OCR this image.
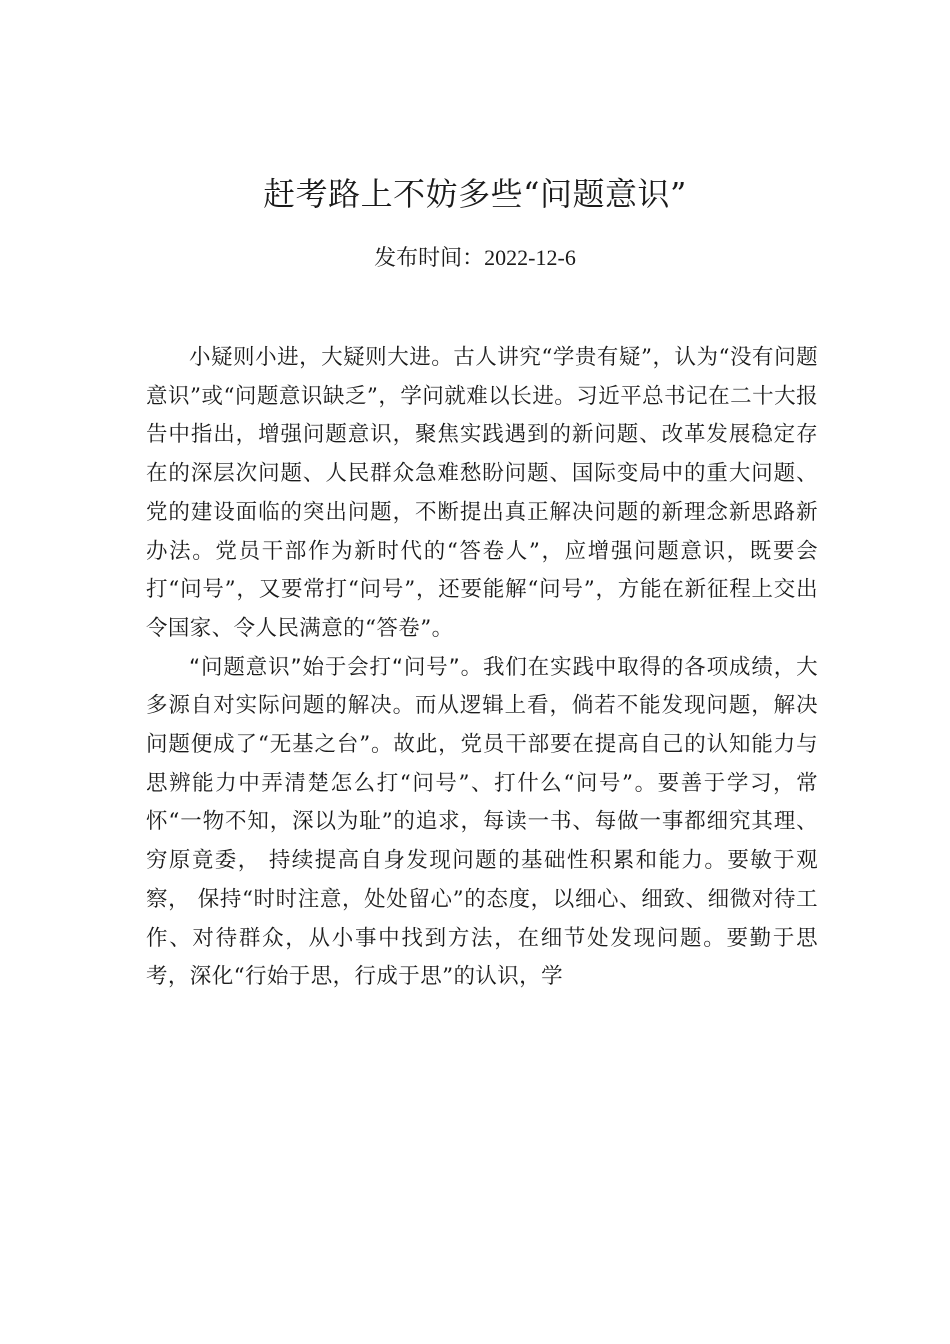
赶考路上不妨多些“问题意识”
发布时间：2022-12-6

小疑则小进，大疑则大进。古人讲究“学贵有疑”，认为“没有问题意识”或“问题意识缺乏”，学问就难以长进。习近平总书记在二十大报告中指出，增强问题意识，聚焦实践遇到的新问题、改革发展稳定存在的深层次问题、人民群众急难愁盼问题、国际变局中的重大问题、党的建设面临的突出问题，不断提出真正解决问题的新理念新思路新办法。党员干部作为新时代的“答卷人”，应增强问题意识，既要会打“问号”，又要常打“问号”，还要能解“问号”，方能在新征程上交出令国家、令人民满意的“答卷”。

“问题意识”始于会打“问号”。我们在实践中取得的各项成绩，大多源自对实际问题的解决。而从逻辑上看，倘若不能发现问题，解决问题便成了“无基之台”。故此，党员干部要在提高自己的认知能力与思辨能力中弄清楚怎么打“问号”、打什么“问号”。要善于学习，常怀“一物不知，深以为耻”的追求，每读一书、每做一事都细究其理、穷原竟委， 持续提高自身发现问题的基础性积累和能力。要敏于观察， 保持“时时注意，处处留心”的态度，以细心、细致、细微对待工作、对待群众，从小事中找到方法，在细节处发现问题。要勤于思考，深化“行始于思，行成于思”的认识，学
